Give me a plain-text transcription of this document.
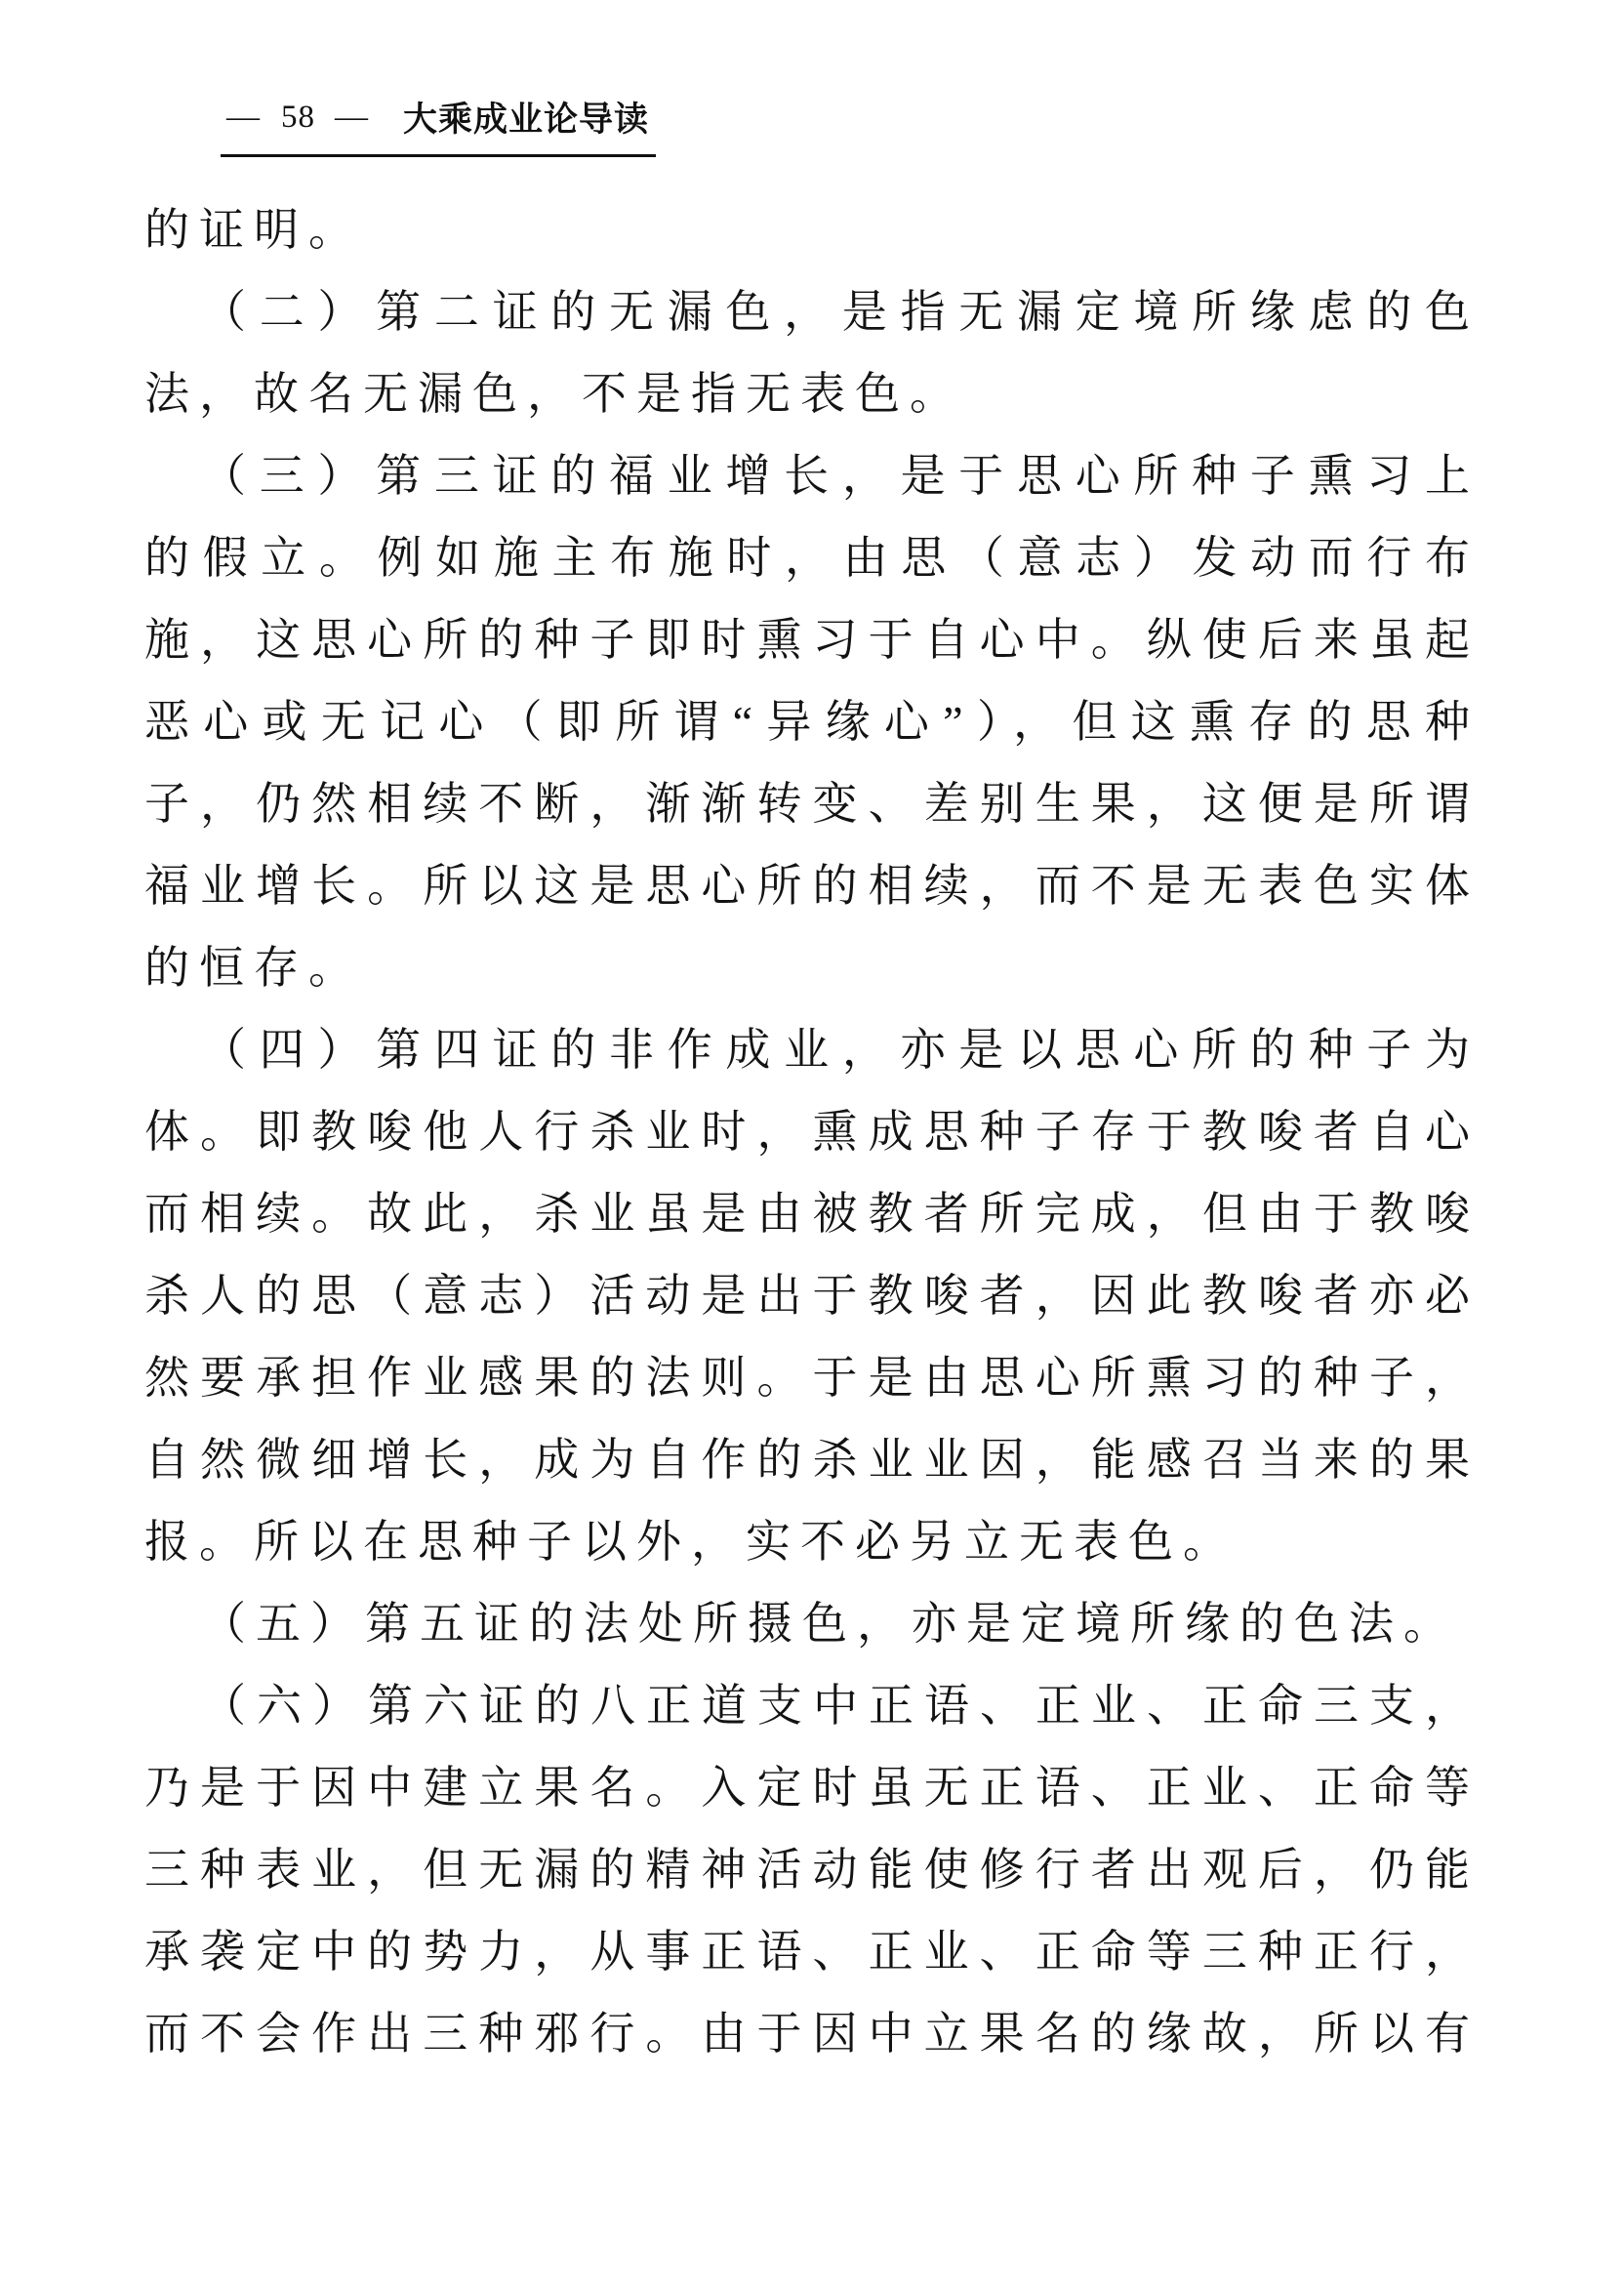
— 58 — 大乘成业论导读
的证明。
（二）第二证的无漏色，是指无漏定境所缘虑的色
法，故名无漏色，不是指无表色。
（三）第三证的福业增长，是于思心所种子熏习上
的假立。例如施主布施时，由思（意志）发动而行布
施，这思心所的种子即时熏习于自心中。纵使后来虽起
恶心或无记心（即所谓“异缘心”），但这熏存的思种
子，仍然相续不断，渐渐转变、差别生果，这便是所谓
福业增长。所以这是思心所的相续，而不是无表色实体
的恒存。
（四）第四证的非作成业，亦是以思心所的种子为
体。即教唆他人行杀业时，熏成思种子存于教唆者自心
而相续。故此，杀业虽是由被教者所完成，但由于教唆
杀人的思（意志）活动是出于教唆者，因此教唆者亦必
然要承担作业感果的法则。于是由思心所熏习的种子，
自然微细增长，成为自作的杀业业因，能感召当来的果
报。所以在思种子以外，实不必另立无表色。
（五）第五证的法处所摄色，亦是定境所缘的色法。
（六）第六证的八正道支中正语、正业、正命三支，
乃是于因中建立果名。入定时虽无正语、正业、正命等
三种表业，但无漏的精神活动能使修行者出观后，仍能
承袭定中的势力，从事正语、正业、正命等三种正行，
而不会作出三种邪行。由于因中立果名的缘故，所以有
